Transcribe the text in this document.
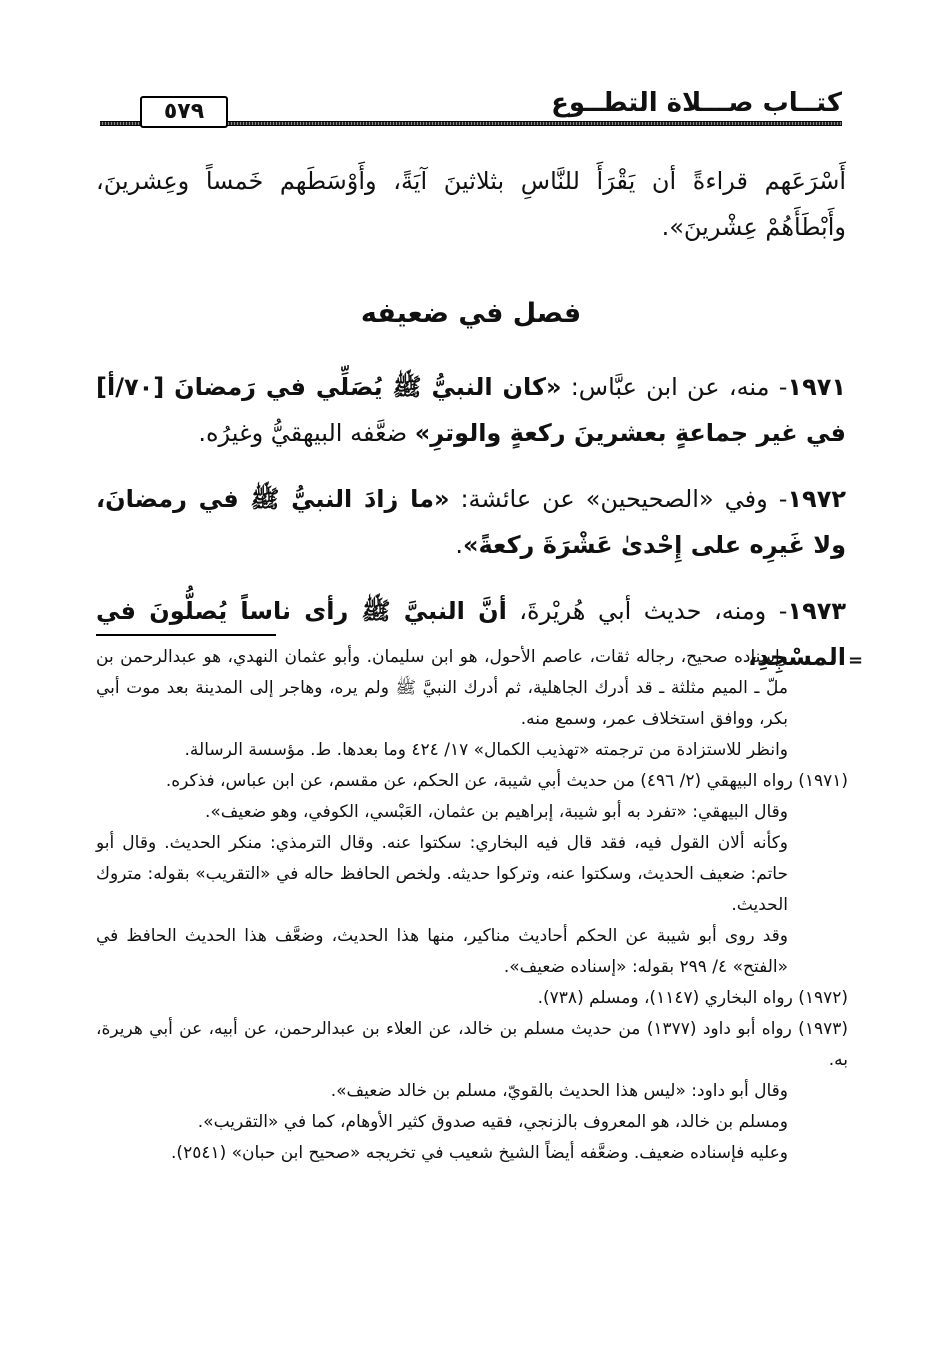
كتــاب صـــلاة التطــوع
٥٧٩

أَسْرَعَهم قراءةً أن يَقْرَأَ للنَّاسِ بثلاثينَ آيَةً، وأَوْسَطَهم خَمساً وعِشرينَ، وأَبْطَأَهُمْ عِشْرينَ».

فصل في ضعيفه

١٩٧١- منه، عن ابن عبَّاس: «كان النبيُّ ﷺ يُصَلِّي في رَمضانَ [٧٠/أ] في غير جماعةٍ بعشرينَ ركعةٍ والوترِ» ضعَّفه البيهقيُّ وغيرُه.

١٩٧٢- وفي «الصحيحين» عن عائشة: «ما زادَ النبيُّ ﷺ في رمضانَ، ولا غَيرِه على إِحْدىٰ عَشْرَةَ ركعةً».

١٩٧٣- ومنه، حديث أبي هُريْرةَ، أنَّ النبيَّ ﷺ رأى ناساً يُصلُّونَ في المسْجِدِ، =

وإسناده صحيح، رجاله ثقات، عاصم الأحول، هو ابن سليمان. وأبو عثمان النهدي، هو عبدالرحمن بن ملّ ـ الميم مثلثة ـ قد أدرك الجاهلية، ثم أدرك النبيَّ ﷺ ولم يره، وهاجر إلى المدينة بعد موت أبي بكر، ووافق استخلاف عمر، وسمع منه.

وانظر للاستزادة من ترجمته «تهذيب الكمال» ١٧/ ٤٢٤ وما بعدها. ط. مؤسسة الرسالة.

(١٩٧١) رواه البيهقي (٢/ ٤٩٦) من حديث أبي شيبة، عن الحكم، عن مقسم، عن ابن عباس، فذكره.

وقال البيهقي: «تفرد به أبو شيبة، إبراهيم بن عثمان، العَبْسي، الكوفي، وهو ضعيف».

وكأنه ألان القول فيه، فقد قال فيه البخاري: سكتوا عنه. وقال الترمذي: منكر الحديث. وقال أبو حاتم: ضعيف الحديث، وسكتوا عنه، وتركوا حديثه. ولخص الحافظ حاله في «التقريب» بقوله: متروك الحديث.

وقد روى أبو شيبة عن الحكم أحاديث مناكير، منها هذا الحديث، وضعَّف هذا الحديث الحافظ في «الفتح» ٤/ ٢٩٩ بقوله: «إسناده ضعيف».

(١٩٧٢) رواه البخاري (١١٤٧)، ومسلم (٧٣٨).

(١٩٧٣) رواه أبو داود (١٣٧٧) من حديث مسلم بن خالد، عن العلاء بن عبدالرحمن، عن أبيه، عن أبي هريرة، به.

وقال أبو داود: «ليس هذا الحديث بالقويّ، مسلم بن خالد ضعيف».

ومسلم بن خالد، هو المعروف بالزنجي، فقيه صدوق كثير الأوهام، كما في «التقريب».

وعليه فإسناده ضعيف. وضعَّفه أيضاً الشيخ شعيب في تخريجه «صحيح ابن حبان» (٢٥٤١).
